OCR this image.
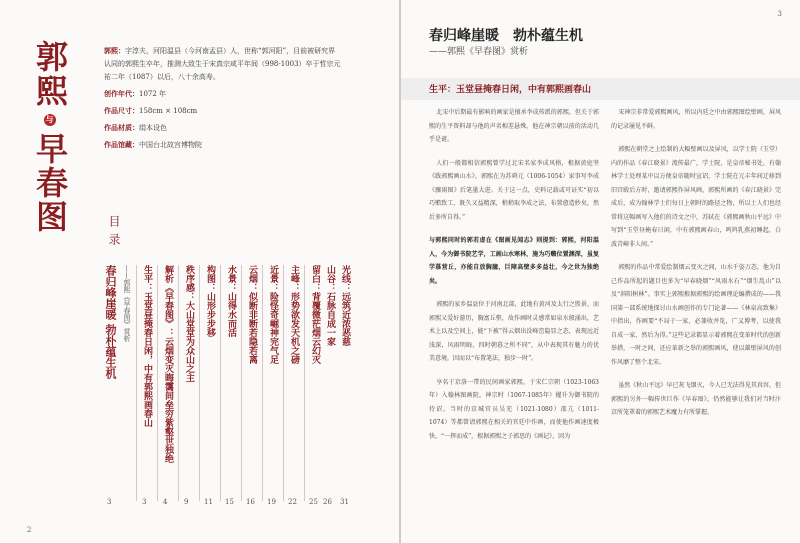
郭熙与早春图
郭熙：字淳夫，河阳温县（今河南孟县）人，世称“郭河阳”，目前被研究界认同的郭熙生卒年，推测大致生于宋真宗咸平年间（998-1003）卒于哲宗元祐二年（1087）以后，八十余高寿。
创作年代：1072 年
作品尺寸：158cm × 108cm
作品材质：绢本设色
作品馆藏：中国台北故宫博物院
目录
春归峰崖暖 勃朴蕴生机 ——郭熙《早春图》赏析 生平：玉堂昼掩春日闲，中有郭熙画春山 解析《早春图》：云烟变灭晦霭间垒穷紫壑世独绝 秩序感：大山堂堂为众山之主 构图：山形步步移 水景：山得水而活 云烟：似断非断若隐若离 近景：险怪奇崛神完气足 主峰：形势欲发天机之磅 留白：背覆微茫烟云幻灭 山谷：石脉自成一家 光线：远筑近浓恶慈
3	3 4 9 11 15 16 19 22 25 26 31
2
3
春归峰崖暖　勃朴蕴生机
——郭熙《早春图》赏析
生平：玉堂昼掩春日闲，中有郭熙画春山

北宋中后期最有影响的画家是擅承李成传派的郭熙，但关于郭熙的生平资料却与他的声名相差悬殊，他在神宗朝以前的活动几乎是谜。

人们一般都相信郭熙曾学过北宋名家李成风格，根据黄庭坚《跋郭熙画山水》，郭熙在为苏舜元（1006-1054）家事写李成《骤雨图》后笔墨大进。关于这一点，史料记载或可证实“初以巧赡致工，既久又益精深，稍稍取李成之法，布置愈造妙矣，然后多所自得。”

与郭熙同时的郭若虚在《图画见闻志》则提到：郭熙，河阳温人，今为御书院艺学，工画山水寒林，施为巧赡位置渊深，虽复学慕营丘，亦能自放胸臆，巨障高壁多多益壮，今之世为独绝矣。

郭熙的家乡温县位于河南北部，此地有黄河及太行之胜景，而郭熙又爱好游历，胸富丘壑，故作画时灵感常如泉水般涌出，艺术上以及空间上，能“下被”得云烟出没峰峦隐显之态，表现远近浅深，风雨明晦，四时朝暮之所不同”，从中表现其有魅力的优美意境，因而以“布置笔法，独步一时”。

享名于京洛一带的民间画家郭熙，于宋仁宗朝（1023-1063年）入翰林图画院，神宗时（1067-1085年）擢升为御书院的待诏。当时的京城官员吴充（1021-1080）邵亢（1011-1074）等都曾请郭熙在相关的官廷中作画，而使他作画速度极快，“一挥而成”，根据郭熙之子郭思的《画记》，因为

宋神宗非常爱郭熙画风，所以内廷之中由郭熙图绘壁画，屏风的记录屡见不鲜。

郭熙在朝堂之上绘制的大幅壁画以及屏风，以学士院（玉堂）内的作品《春江晓景》流传最广，学士院，是皇帝秘书处，有翰林学士处理某中以方便皇帝随时宣诏，学士院在元丰年间迁移到旧宫殿后方时，邀请郭熙作屏风画，郭熙所画的《春江晓景》完成后，成为翰林学士们每日上朝时的路径之物，所以士人们也经常将这幅画写入他们的诗文之中，苏轼在《郭熙画秋山平远》中写到“玉堂昼掩春日闲，中有郭熙画春山，鸣鸠乳燕初睡起，白波青嶂非人间。”

郭熙的作品中常爱绘制烟云变灭之间，山水千姿万态，他为自己作品所起的题目也多为“早春晓烟”“风雨水石”“烟生乱山”以及“斜阳树林”。事实上郭熙根据郭熙的绘画理论编撰成的——我国第一部系统地探讨山水画创作的专门论著——《林泉高致集》中指出，作画要“不局于一家，必兼收并览，广义博考，以使我自成一家，然后为得。”这些记录都显示着郭熙在变革时代的创新举措，一时之间，还应革新之举的郭熙画风，使以雄壁屏风的创作风靡了整个北宋。

虽然《秋山平远》早已灰飞烟灭，今人已无法得见其真容，但郭熙的另外一幅传世巨作《早春图》，仍然能够让我们对当时汴京所笼罩着的郭熙艺术魔力有所掌握。
